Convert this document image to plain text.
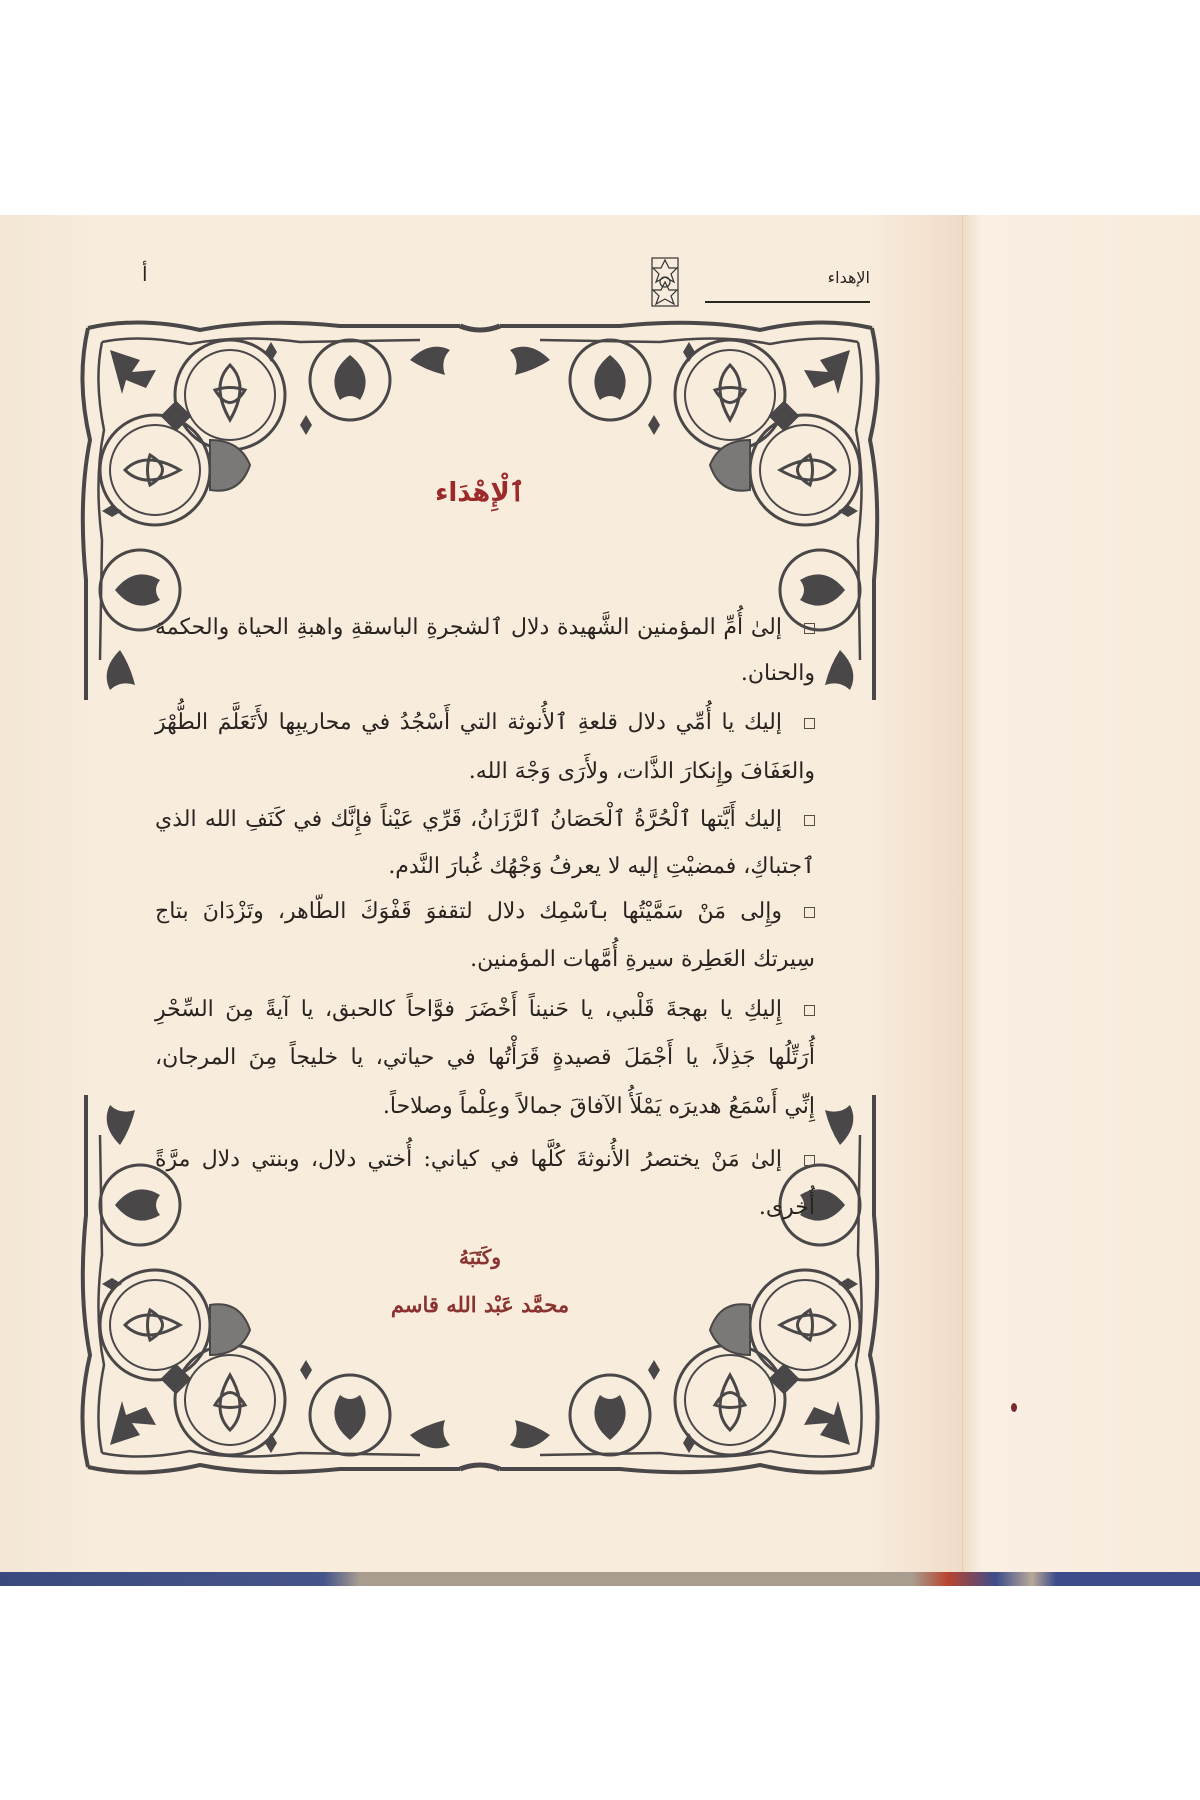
الإهداء
أ
ٱلْإِهْدَاء
إلىٰ أُمِّ المؤمنين الشَّهيدة دلال ٱلشجرةِ الباسقةِ واهبةِ الحياة والحكمة
والحنان.
إليك يا أُمِّي دلال قلعةِ ٱلأُنوثة التي أَسْجُدُ في محاريبِها لأَتَعَلَّمَ الطُّهْرَ
والعَفَافَ وإِنكارَ الذَّات، ولأَرَى وَجْهَ الله.
إليك أَيَّتها ٱلْحُرَّةُ ٱلْحَصَانُ ٱلرَّزَانُ، قَرِّي عَيْناً فإِنَّك في كَنَفِ الله الذي
ٱجتباكِ، فمضيْتِ إليه لا يعرفُ وَجْهُك غُبارَ النَّدم.
وإِلى مَنْ سَمَّيْتُها بٱسْمِك دلال لتقفوَ قَفْوَكَ الطّاهر، وتَزْدَانَ بتاج
سِيرتك العَطِرة سيرةِ أُمَّهات المؤمنين.
إِليكِ يا بهجةَ قَلْبي، يا حَنيناً أَخْضَرَ فوَّاحاً كالحبق، يا آيةً مِنَ السِّحْرِ
أُرَتِّلُها جَذِلاً، يا أَجْمَلَ قصيدةٍ قَرَأْتُها في حياتي، يا خليجاً مِنَ المرجان،
إِنِّي أَسْمَعُ هديرَه يَمْلَأُ الآفاقَ جمالاً وعِلْماً وصلاحاً.
إلىٰ مَنْ يختصرُ الأُنوثةَ كُلَّها في كياني: أُختي دلال، وبنتي دلال مرَّةً
أُخرى.
وكَتَبَهُ
محمَّد عَبْد الله قاسم
